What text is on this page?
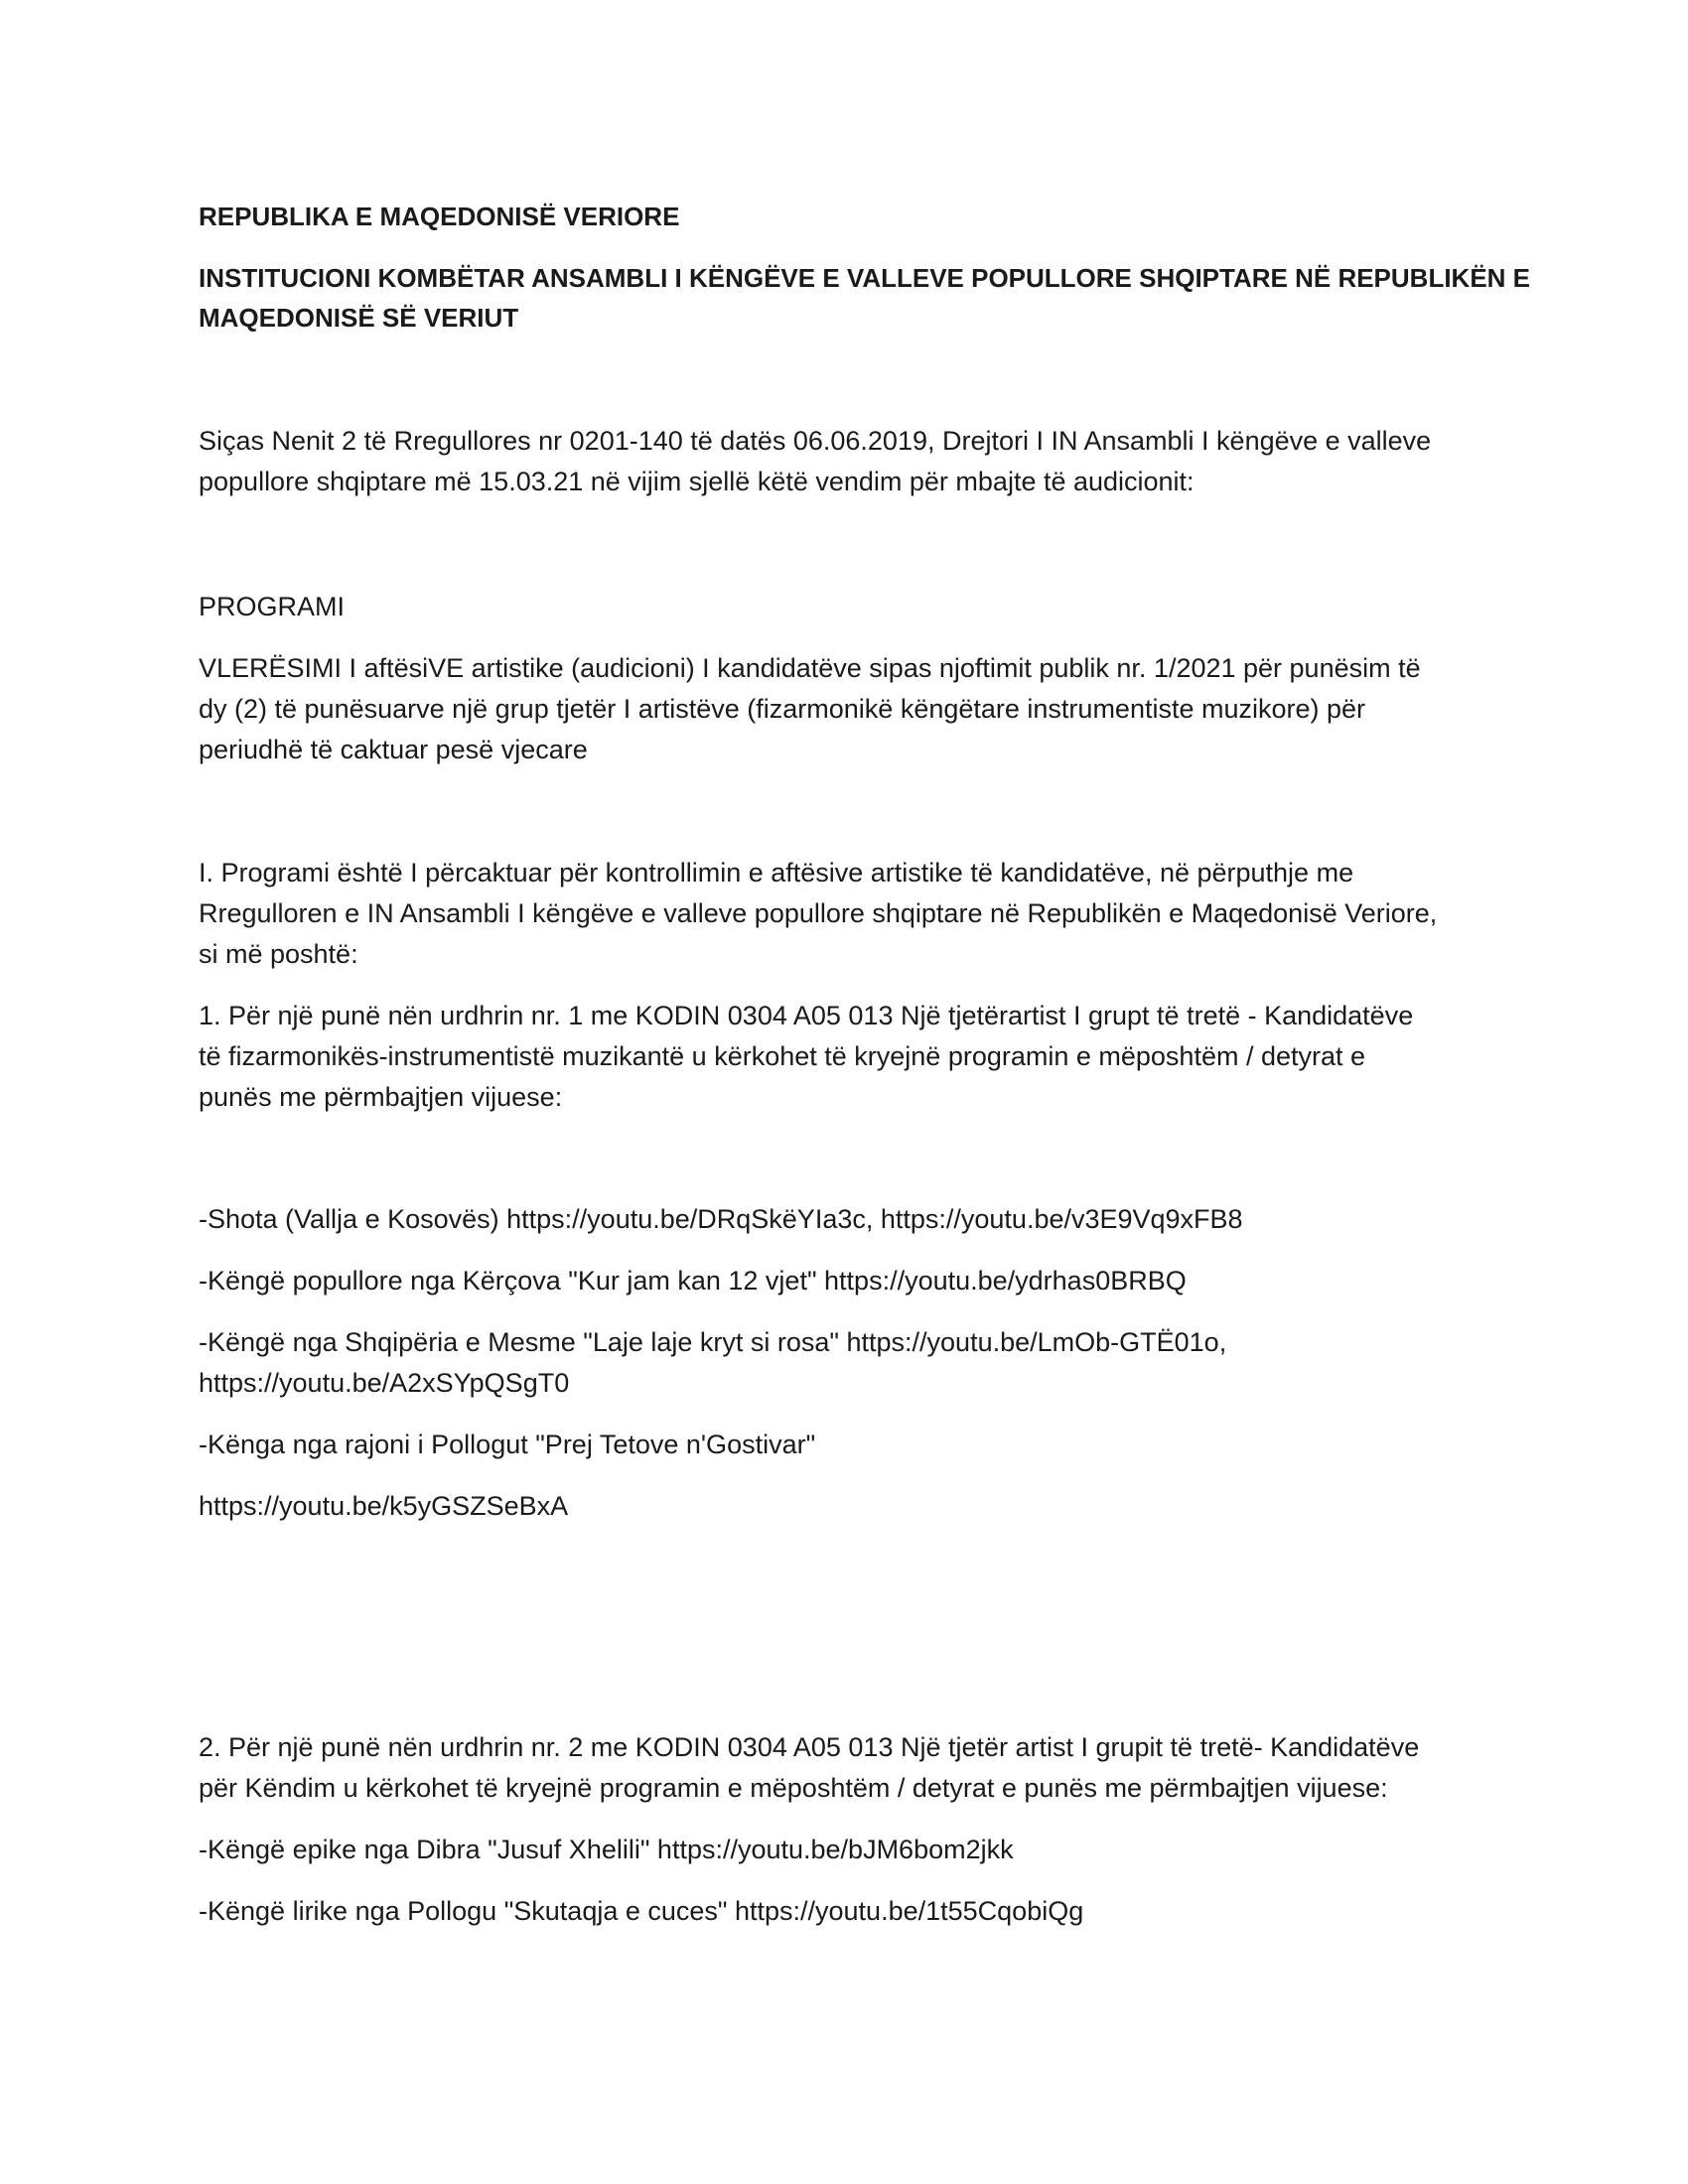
REPUBLIKA E MAQEDONISË VERIORE
INSTITUCIONI KOMBËTAR ANSAMBLI I KËNGËVE E VALLEVE POPULLORE SHQIPTARE NË REPUBLIKËN E
MAQEDONISË SË VERIUT
Siças Nenit 2 të Rregullores nr 0201-140 të datës 06.06.2019, Drejtori I IN Ansambli I këngëve e valleve
popullore shqiptare më 15.03.21 në vijim sjellë këtë vendim për mbajte të audicionit:
PROGRAMI
VLERËSIMI I aftësiVE artistike (audicioni) I kandidatëve sipas njoftimit publik nr. 1/2021 për punësim të
dy (2) të punësuarve një grup tjetër I artistëve (fizarmonikë këngëtare instrumentiste muzikore) për
periudhë të caktuar pesë vjecare
I. Programi është I përcaktuar për kontrollimin e aftësive artistike të kandidatëve, në përputhje me
Rregulloren e IN Ansambli I këngëve e valleve popullore shqiptare në Republikën e Maqedonisë Veriore,
si më poshtë:
1. Për një punë nën urdhrin nr. 1 me KODIN 0304 A05 013 Një tjetërartist I grupt të tretë - Kandidatëve
të fizarmonikës-instrumentistë muzikantë u kërkohet të kryejnë programin e mëposhtëm / detyrat e
punës me përmbajtjen vijuese:
-Shota (Vallja e Kosovës) https://youtu.be/DRqSkëYIa3c, https://youtu.be/v3E9Vq9xFB8
-Këngë popullore nga Kërçova "Kur jam kan 12 vjet" https://youtu.be/ydrhas0BRBQ
-Këngë nga Shqipëria e Mesme "Laje laje kryt si rosa" https://youtu.be/LmOb-GTË01o,
https://youtu.be/A2xSYpQSgT0
-Kënga nga rajoni i Pollogut "Prej Tetove n'Gostivar"
https://youtu.be/k5yGSZSeBxA
2. Për një punë nën urdhrin nr. 2 me KODIN 0304 A05 013 Një tjetër artist I grupit të tretë- Kandidatëve
për Këndim u kërkohet të kryejnë programin e mëposhtëm / detyrat e punës me përmbajtjen vijuese:
-Këngë epike nga Dibra "Jusuf Xhelili" https://youtu.be/bJM6bom2jkk
-Këngë lirike nga Pollogu "Skutaqja e cuces" https://youtu.be/1t55CqobiQg
